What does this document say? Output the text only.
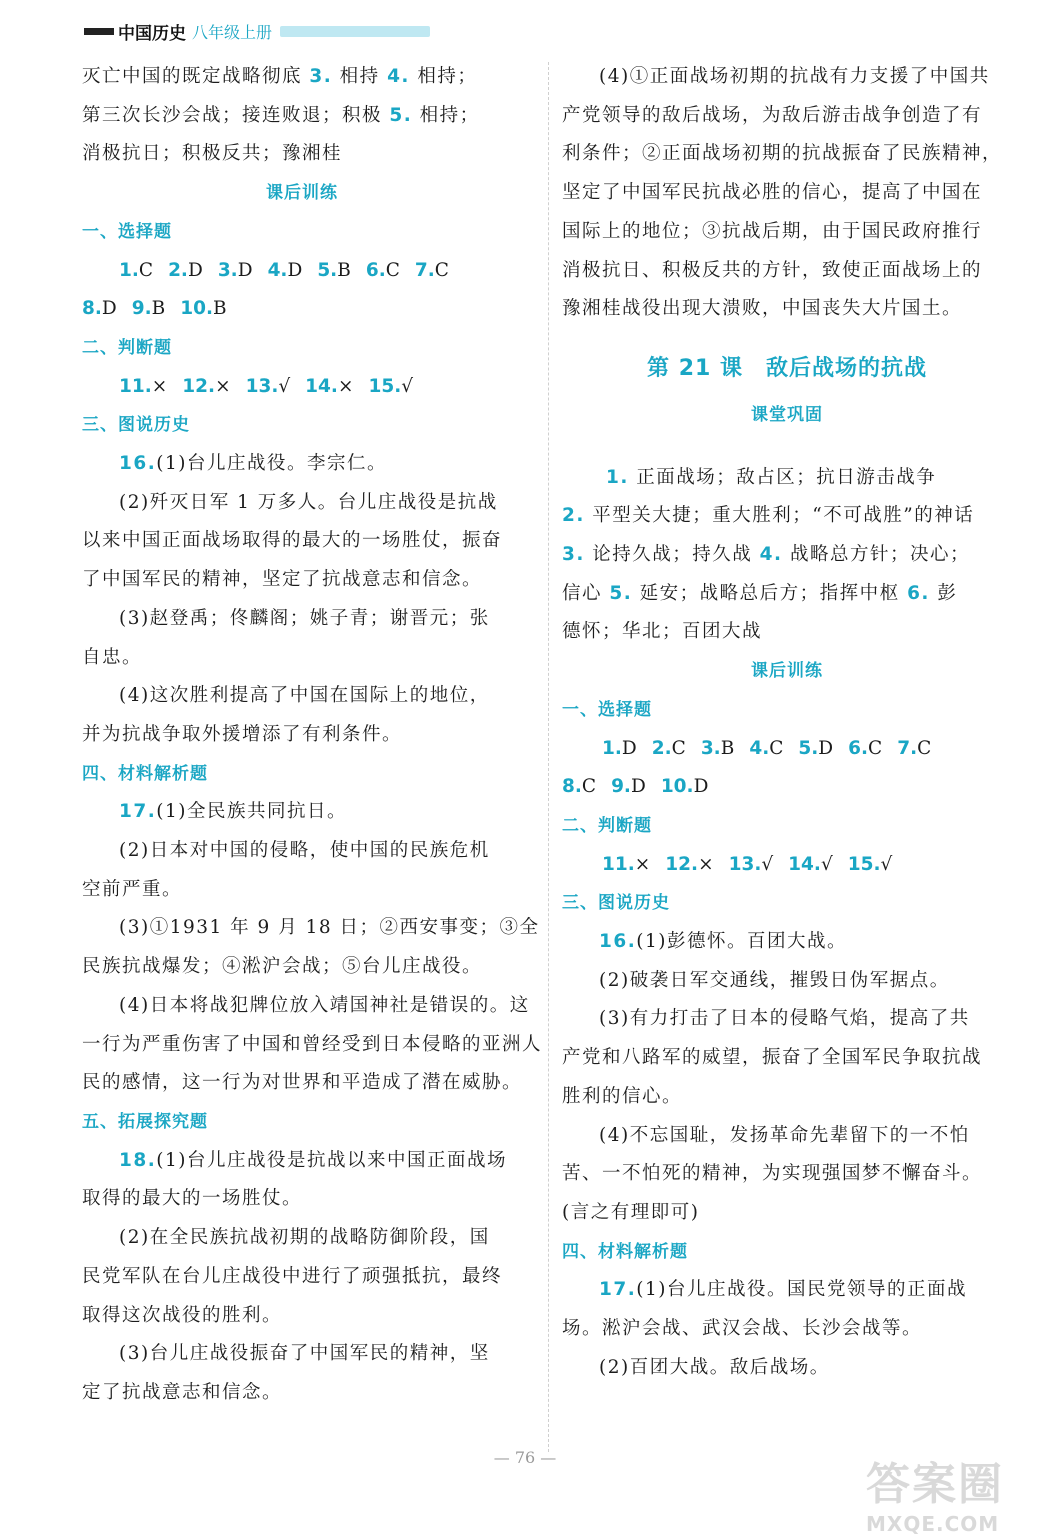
中国历史 八年级上册

灭亡中国的既定战略彻底 3. 相持 4. 相持；

第三次长沙会战；接连败退；积极 5. 相持；

消极抗日；积极反共；豫湘桂

课后训练

一、选择题

1.C 2.D 3.D 4.D 5.B 6.C 7.C

8.D 9.B 10.B

二、判断题

11.× 12.× 13.√ 14.× 15.√

三、图说历史

16.(1)台儿庄战役。李宗仁。

(2)歼灭日军 1 万多人。台儿庄战役是抗战

以来中国正面战场取得的最大的一场胜仗，振奋

了中国军民的精神，坚定了抗战意志和信念。

(3)赵登禹；佟麟阁；姚子青；谢晋元；张

自忠。

(4)这次胜利提高了中国在国际上的地位，

并为抗战争取外援增添了有利条件。

四、材料解析题

17.(1)全民族共同抗日。

(2)日本对中国的侵略，使中国的民族危机

空前严重。

(3)①1931 年 9 月 18 日；②西安事变；③全

民族抗战爆发；④淞沪会战；⑤台儿庄战役。

(4)日本将战犯牌位放入靖国神社是错误的。这

一行为严重伤害了中国和曾经受到日本侵略的亚洲人

民的感情，这一行为对世界和平造成了潜在威胁。

五、拓展探究题

18.(1)台儿庄战役是抗战以来中国正面战场

取得的最大的一场胜仗。

(2)在全民族抗战初期的战略防御阶段，国

民党军队在台儿庄战役中进行了顽强抵抗，最终

取得这次战役的胜利。

(3)台儿庄战役振奋了中国军民的精神，坚

定了抗战意志和信念。

(4)①正面战场初期的抗战有力支援了中国共

产党领导的敌后战场，为敌后游击战争创造了有

利条件；②正面战场初期的抗战振奋了民族精神，

坚定了中国军民抗战必胜的信心，提高了中国在

国际上的地位；③抗战后期，由于国民政府推行

消极抗日、积极反共的方针，致使正面战场上的

豫湘桂战役出现大溃败，中国丧失大片国土。

第 21 课　敌后战场的抗战

课堂巩固

1. 正面战场；敌占区；抗日游击战争

2. 平型关大捷；重大胜利；“不可战胜”的神话

3. 论持久战；持久战 4. 战略总方针；决心；

信心 5. 延安；战略总后方；指挥中枢 6. 彭

德怀；华北；百团大战

课后训练

一、选择题

1.D 2.C 3.B 4.C 5.D 6.C 7.C

8.C 9.D 10.D

二、判断题

11.× 12.× 13.√ 14.√ 15.√

三、图说历史

16.(1)彭德怀。百团大战。

(2)破袭日军交通线，摧毁日伪军据点。

(3)有力打击了日本的侵略气焰，提高了共

产党和八路军的威望，振奋了全国军民争取抗战

胜利的信心。

(4)不忘国耻，发扬革命先辈留下的一不怕

苦、一不怕死的精神，为实现强国梦不懈奋斗。

(言之有理即可)

四、材料解析题

17.(1)台儿庄战役。国民党领导的正面战

场。淞沪会战、武汉会战、长沙会战等。

(2)百团大战。敌后战场。

— 76 —
答案圈
MXQE.COM
